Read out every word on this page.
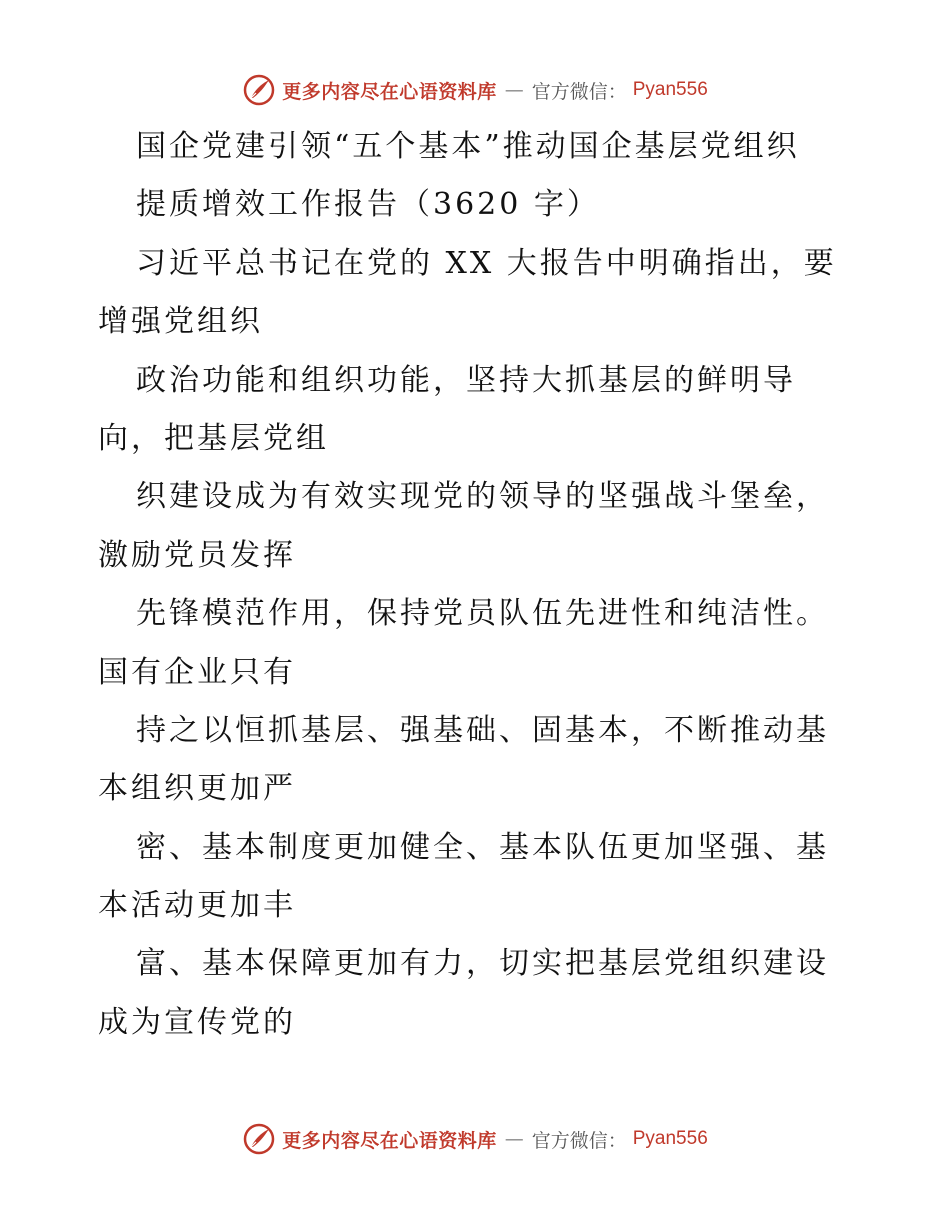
更多内容尽在心语资料库 — 官方微信： Pyan556
国企党建引领“五个基本”推动国企基层党组织
提质增效工作报告（3620 字）
习近平总书记在党的 XX 大报告中明确指出，要
增强党组织
政治功能和组织功能，坚持大抓基层的鲜明导
向，把基层党组
织建设成为有效实现党的领导的坚强战斗堡垒，
激励党员发挥
先锋模范作用，保持党员队伍先进性和纯洁性。
国有企业只有
持之以恒抓基层、强基础、固基本，不断推动基
本组织更加严
密、基本制度更加健全、基本队伍更加坚强、基
本活动更加丰
富、基本保障更加有力，切实把基层党组织建设
成为宣传党的
更多内容尽在心语资料库 — 官方微信： Pyan556
